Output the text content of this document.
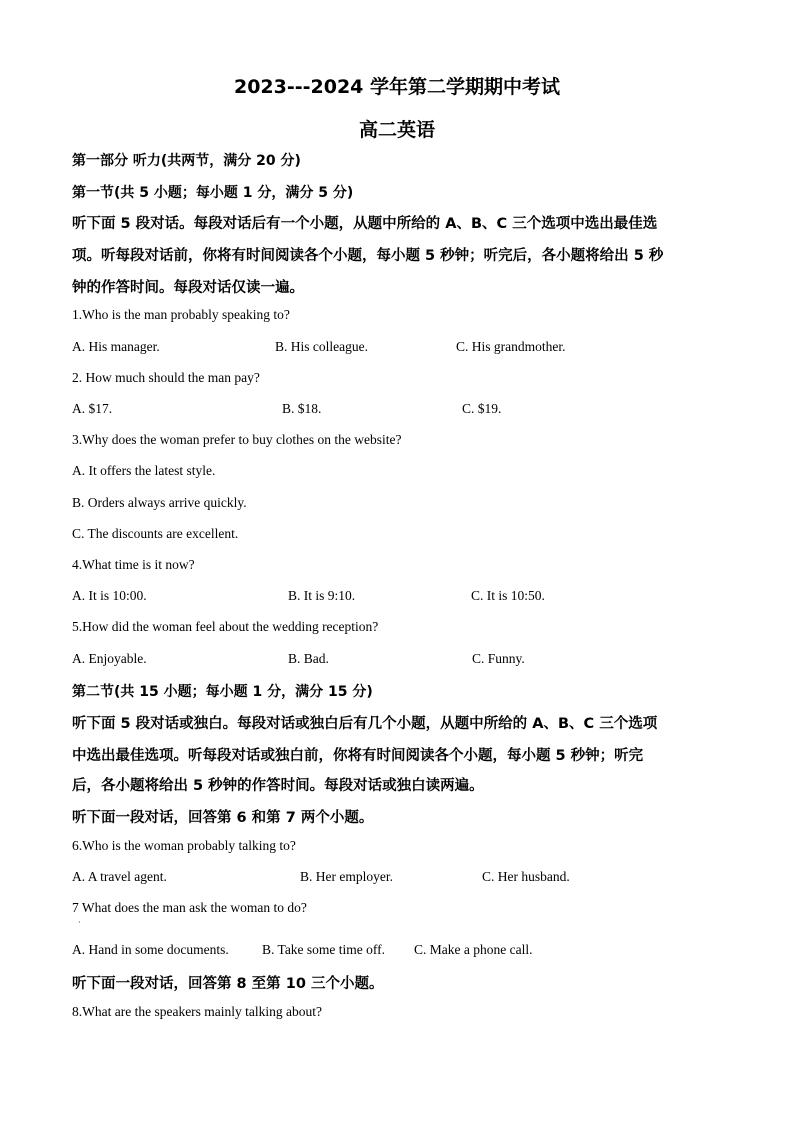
2023---2024 学年第二学期期中考试
高二英语
第一部分 听力(共两节，满分 20 分)
第一节(共 5 小题；每小题 1 分，满分 5 分)
听下面 5 段对话。每段对话后有一个小题，从题中所给的 A、B、C 三个选项中选出最佳选
项。听每段对话前，你将有时间阅读各个小题，每小题 5 秒钟；听完后，各小题将给出 5 秒
钟的作答时间。每段对话仅读一遍。
1.Who is the man probably speaking to?
A. His manager.	B. His colleague.	C. His grandmother.
2. How much should the man pay?
A. $17.	B. $18.	C. $19.
3.Why does the woman prefer to buy clothes on the website?
A. It offers the latest style.
B. Orders always arrive quickly.
C. The discounts are excellent.
4.What time is it now?
A. It is 10:00.	B. It is 9:10.	C. It is 10:50.
5.How did the woman feel about the wedding reception?
A. Enjoyable.	B. Bad.	C. Funny.
第二节(共 15 小题；每小题 1 分，满分 15 分)
听下面 5 段对话或独白。每段对话或独白后有几个小题，从题中所给的 A、B、C 三个选项
中选出最佳选项。听每段对话或独白前，你将有时间阅读各个小题，每小题 5 秒钟；听完
后，各小题将给出 5 秒钟的作答时间。每段对话或独白读两遍。
听下面一段对话，回答第 6 和第 7 两个小题。
6.Who is the woman probably talking to?
A. A travel agent.	B. Her employer.	C. Her husband.
7 What does the man ask the woman to do?
·
A. Hand in some documents. B. Take some time off. C. Make a phone call.
听下面一段对话，回答第 8 至第 10 三个小题。
8.What are the speakers mainly talking about?
